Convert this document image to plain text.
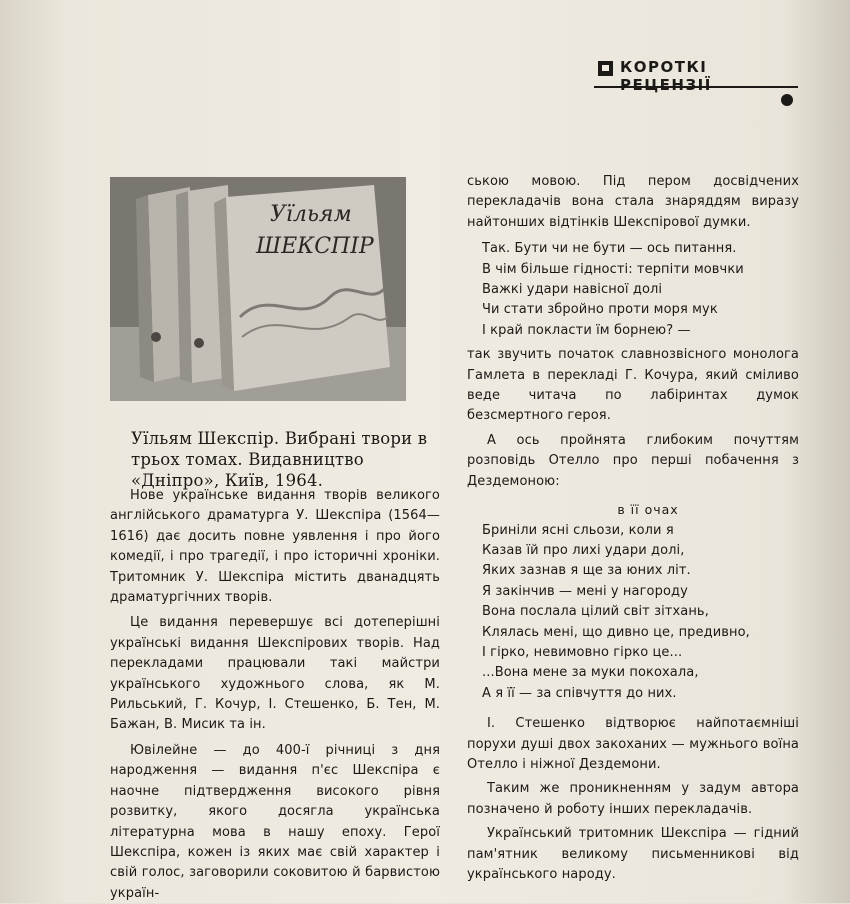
КОРОТКІ РЕЦЕНЗІЇ
Уїльям
ШЕКСПІР
Уїльям Шекспір. Вибрані твори в трьох томах. Видавництво «Дніпро», Київ, 1964.

Нове українське видання творів великого англійського драматурга У. Шекспіра (1564—1616) дає досить повне уявлення і про його комедії, і про трагедії, і про історичні хроніки. Тритомник У. Шекспіра містить дванадцять драматургічних творів.

Це видання перевершує всі дотеперішні українські видання Шекспірових творів. Над перекладами працювали такі майстри українського художнього слова, як М. Рильський, Г. Кочур, І. Стешенко, Б. Тен, М. Бажан, В. Мисик та ін.

Ювілейне — до 400-ї річниці з дня народження — видання п'єс Шекспіра є наочне підтвердження високого рівня розвитку, якого досягла українська літературна мова в нашу епоху. Герої Шекспіра, кожен із яких має свій характер і свій голос, заговорили соковитою й барвистою україн-

ською мовою. Під пером досвідчених перекладачів вона стала знаряддям виразу найтонших відтінків Шекспірової думки.

Так. Бути чи не бути — ось питання.
В чім більше гідності: терпіти мовчки
Важкі удари навісної долі
Чи стати збройно проти моря мук
І край покласти їм борнею? —

так звучить початок славнозвісного монолога Гамлета в перекладі Г. Кочура, який сміливо веде читача по лабіринтах думок безсмертного героя.

А ось пройнята глибоким почуттям розповідь Отелло про перші побачення з Дездемоною:

в її очах
Бриніли ясні сльози, коли я
Казав їй про лихі удари долі,
Яких зазнав я ще за юних літ.
Я закінчив — мені у нагороду
Вона послала цілий світ зітхань,
Клялась мені, що дивно це, предивно,
І гірко, невимовно гірко це...
...Вона мене за муки покохала,
А я її — за співчуття до них.

І. Стешенко відтворює найпотаємніші порухи душі двох закоханих — мужнього воїна Отелло і ніжної Дездемони.

Таким же проникненням у задум автора позначено й роботу інших перекладачів.

Український тритомник Шекспіра — гідний пам'ятник великому письменникові від українського народу.
